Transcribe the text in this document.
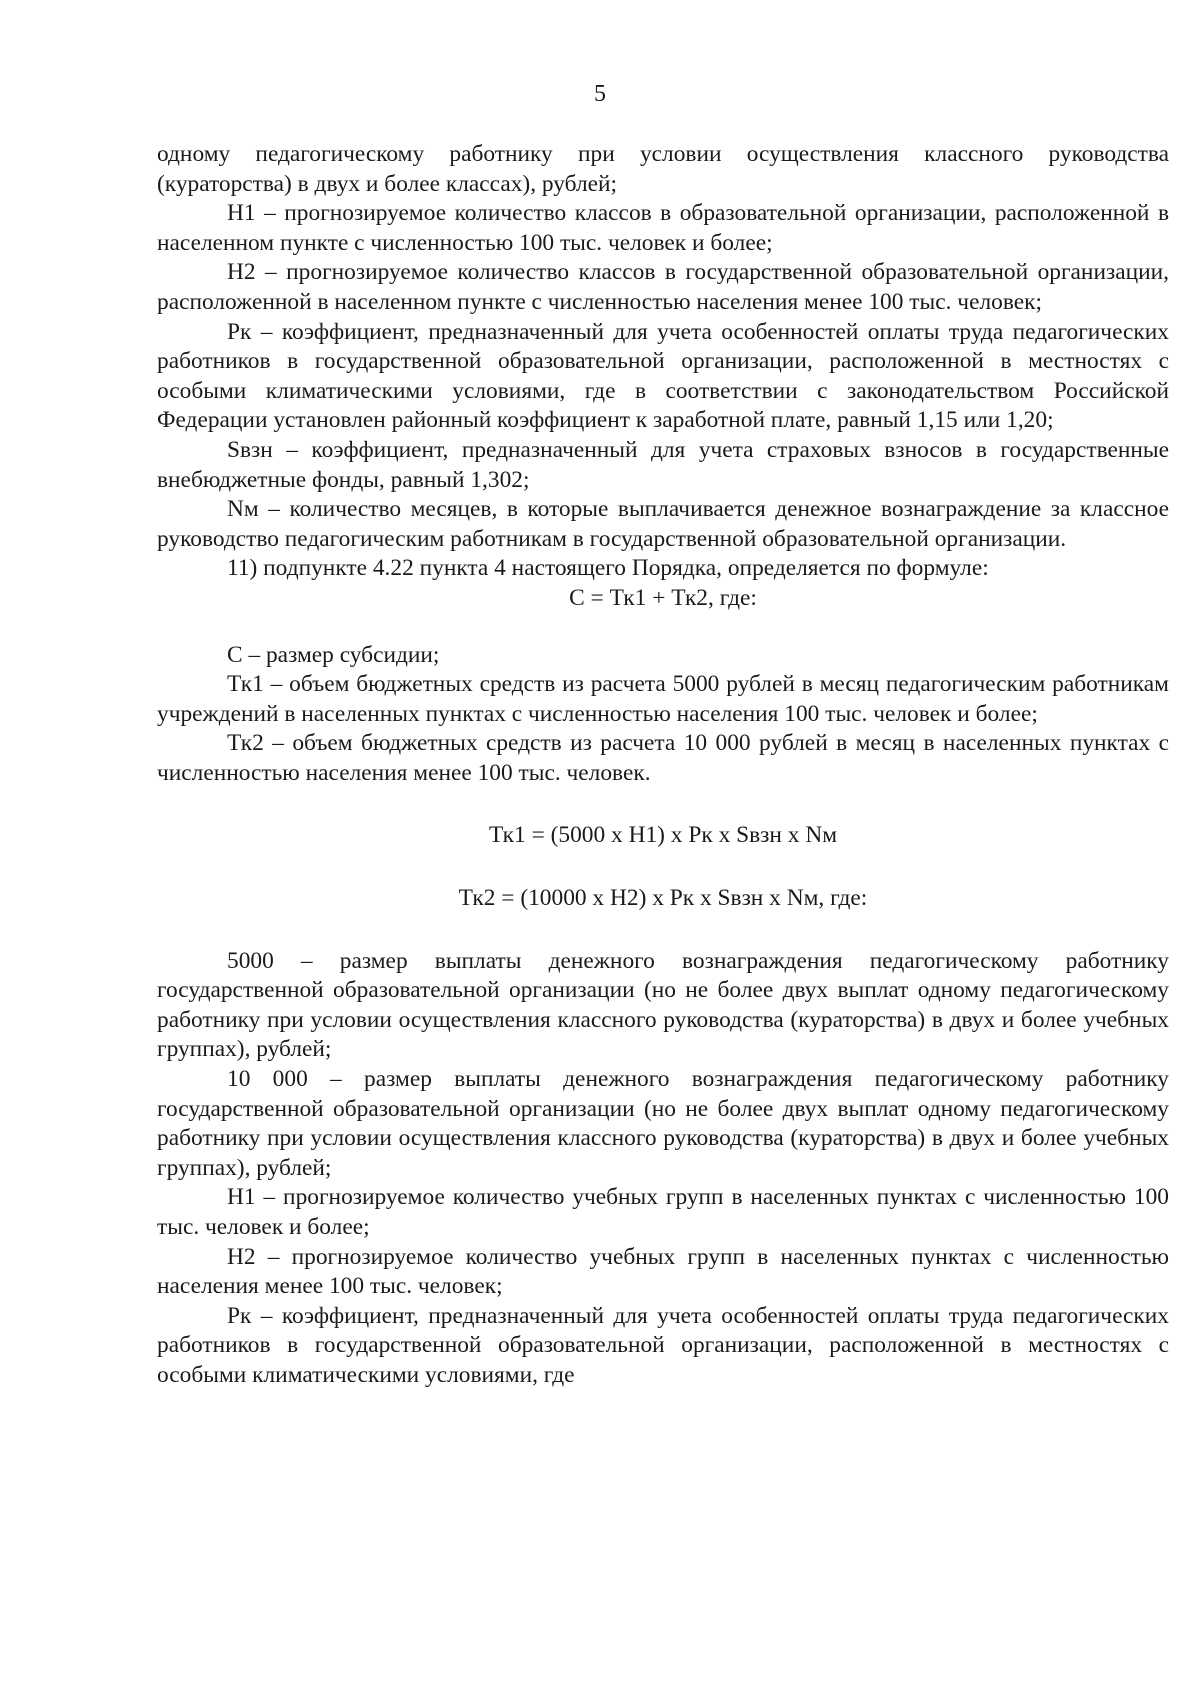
5

одному педагогическому работнику при условии осуществления классного руководства (кураторства) в двух и более классах), рублей;

Н1 – прогнозируемое количество классов в образовательной организации, расположенной в населенном пункте с численностью 100 тыс. человек и более;

Н2 – прогнозируемое количество классов в государственной образовательной организации, расположенной в населенном пункте с численностью населения менее 100 тыс. человек;

Рк – коэффициент, предназначенный для учета особенностей оплаты труда педагогических работников в государственной образовательной организации, расположенной в местностях с особыми климатическими условиями, где в соответствии с законодательством Российской Федерации установлен районный коэффициент к заработной плате, равный 1,15 или 1,20;

Sвзн – коэффициент, предназначенный для учета страховых взносов в государственные внебюджетные фонды, равный 1,302;

Nм – количество месяцев, в которые выплачивается денежное вознаграждение за классное руководство педагогическим работникам в государственной образовательной организации.

11) подпункте 4.22 пункта 4 настоящего Порядка, определяется по формуле:

С = Тк1 + Тк2, где:

С – размер субсидии;

Тк1 – объем бюджетных средств из расчета 5000 рублей в месяц педагогическим работникам учреждений в населенных пунктах с численностью населения 100 тыс. человек и более;

Тк2 – объем бюджетных средств из расчета 10 000 рублей в месяц в населенных пунктах с численностью населения менее 100 тыс. человек.

Тк1 = (5000 х Н1) х Рк х Sвзн х Nм

Тк2 = (10000 х Н2) х Рк х Sвзн х Nм, где:

5000 – размер выплаты денежного вознаграждения педагогическому работнику государственной образовательной организации (но не более двух выплат одному педагогическому работнику при условии осуществления классного руководства (кураторства) в двух и более учебных группах), рублей;

10 000 – размер выплаты денежного вознаграждения педагогическому работнику государственной образовательной организации (но не более двух выплат одному педагогическому работнику при условии осуществления классного руководства (кураторства) в двух и более учебных группах), рублей;

Н1 – прогнозируемое количество учебных групп в населенных пунктах с численностью 100 тыс. человек и более;

Н2 – прогнозируемое количество учебных групп в населенных пунктах с численностью населения менее 100 тыс. человек;

Рк – коэффициент, предназначенный для учета особенностей оплаты труда педагогических работников в государственной образовательной организации, расположенной в местностях с особыми климатическими условиями, где
